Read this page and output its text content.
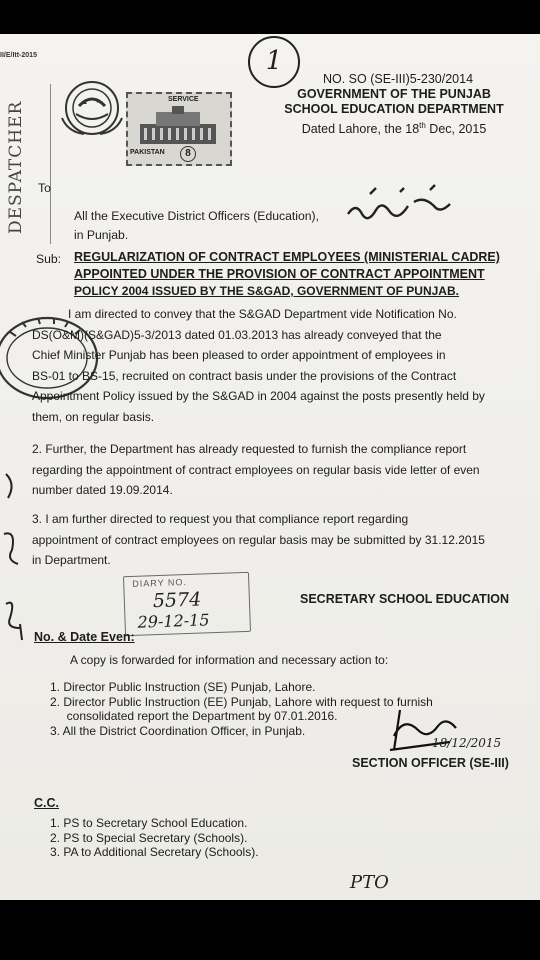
II/E/Itt-2015
DESPATCHER
SERVICE
PAKISTAN	8
1
NO. SO (SE-III)5-230/2014
GOVERNMENT OF THE PUNJAB
SCHOOL EDUCATION DEPARTMENT
Dated Lahore, the 18th Dec, 2015
To
All the Executive District Officers (Education),
in Punjab.
Sub: REGULARIZATION OF CONTRACT EMPLOYEES (MINISTERIAL CADRE)
APPOINTED UNDER THE PROVISION OF CONTRACT APPOINTMENT
POLICY 2004 ISSUED BY THE S&GAD, GOVERNMENT OF PUNJAB.
I am directed to convey that the S&GAD Department vide Notification No.
DS(O&M)(S&GAD)5-3/2013 dated 01.03.2013 has already conveyed that the
Chief Minister Punjab has been pleased to order appointment of employees in
BS-01 to BS-15, recruited on contract basis under the provisions of the Contract
Appointment Policy issued by the S&GAD in 2004 against the posts presently held by
them, on regular basis.
2. Further, the Department has already requested to furnish the compliance report
regarding the appointment of contract employees on regular basis vide letter of even
number dated 19.09.2014.
3. I am further directed to request you that compliance report regarding
appointment of contract employees on regular basis may be submitted by 31.12.2015
in Department.
DIARY NO.
5574
29-12-15
SECRETARY SCHOOL EDUCATION
No. & Date Even:
A copy is forwarded for information and necessary action to:
1. Director Public Instruction (SE) Punjab, Lahore.
2. Director Public Instruction (EE) Punjab, Lahore with request to furnish
consolidated report the Department by 07.01.2016.
3. All the District Coordination Officer, in Punjab.
18/12/2015
SECTION OFFICER (SE-III)
C.C.
1. PS to Secretary School Education.
2. PS to Special Secretary (Schools).
3. PA to Additional Secretary (Schools).
PTO
